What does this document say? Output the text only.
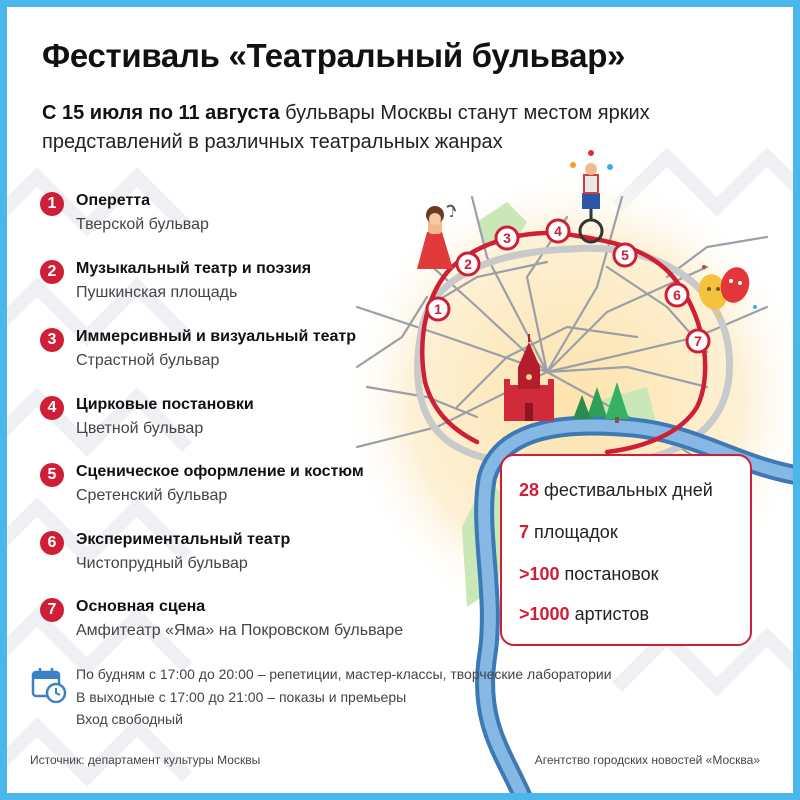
♪
1
2
3	4
5
6
7
Фестиваль «Театральный бульвар»
С 15 июля по 11 августа бульвары Москвы станут местом ярких представлений в различных театральных жанрах
1	Оперетта
Тверской бульвар
2	Музыкальный театр и поэзия
Пушкинская площадь
3	Иммерсивный и визуальный театр
Страстной бульвар
4	Цирковые постановки
Цветной бульвар
5	Сценическое оформление и костюм
Сретенский бульвар
6	Экспериментальный театр
Чистопрудный бульвар
7	Основная сцена
Амфитеатр «Яма» на Покровском бульваре
28 фестивальных дней
7 площадок
>100 постановок
>1000 артистов
По будням с 17:00 до 20:00 – репетиции, мастер-классы, творческие лаборатории
В выходные с 17:00 до 21:00 – показы и премьеры
Вход свободный
Источник: департамент культуры Москвы	Агентство городских новостей «Москва»
